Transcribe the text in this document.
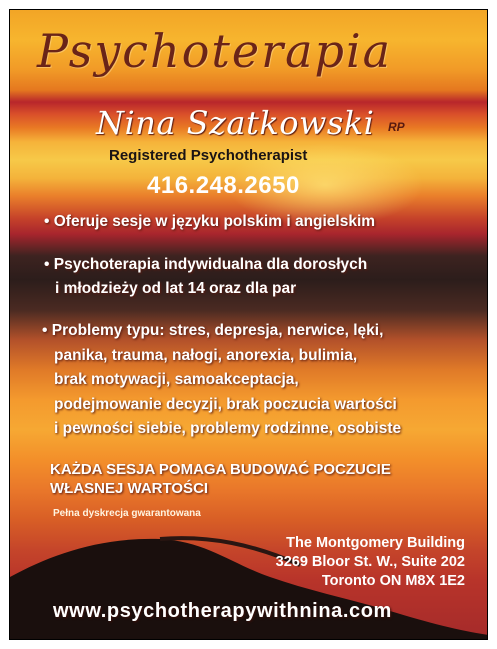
Psychoterapia
Nina Szatkowski RP
Registered Psychotherapist
416.248.2650
• Oferuje sesje w języku polskim i angielskim
• Psychoterapia indywidualna dla dorosłych
i młodzieży od lat 14 oraz dla par
• Problemy typu: stres, depresja, nerwice, lęki,
panika, trauma, nałogi, anorexia, bulimia,
brak motywacji, samoakceptacja,
podejmowanie decyzji, brak poczucia wartości
i pewności siebie, problemy rodzinne, osobiste
KAŻDA SESJA POMAGA BUDOWAĆ POCZUCIE
WŁASNEJ WARTOŚCI
Pełna dyskrecja gwarantowana
The Montgomery Building
3269 Bloor St. W., Suite 202
Toronto ON M8X 1E2
www.psychotherapywithnina.com
